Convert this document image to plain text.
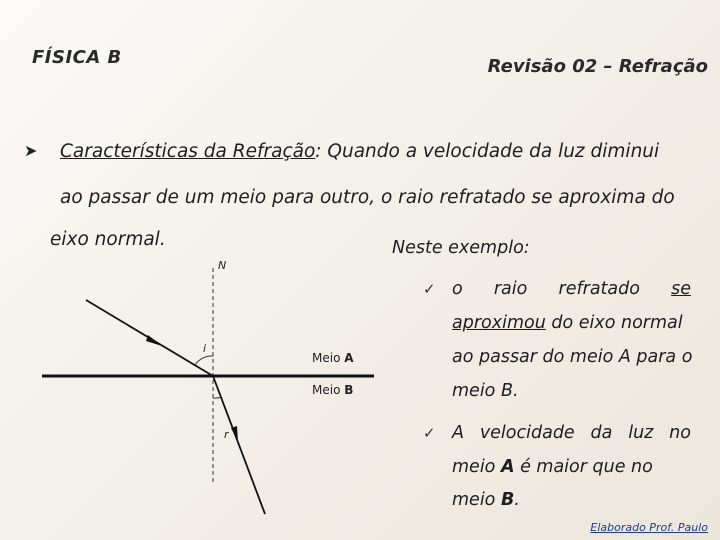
FÍSICA B	Revisão 02 – Refração
➤ Características da Refração: Quando a velocidade da luz diminui
ao passar de um meio para outro, o raio refratado se aproxima do
eixo normal.	Neste exemplo:
✓ o raio refratado se
aproximou do eixo normal
ao passar do meio A para o
meio B.
✓ A velocidade da luz no
meio A é maior que no
meio B.
N
i
r
Meio A
Meio B
Elaborado Prof. Paulo
